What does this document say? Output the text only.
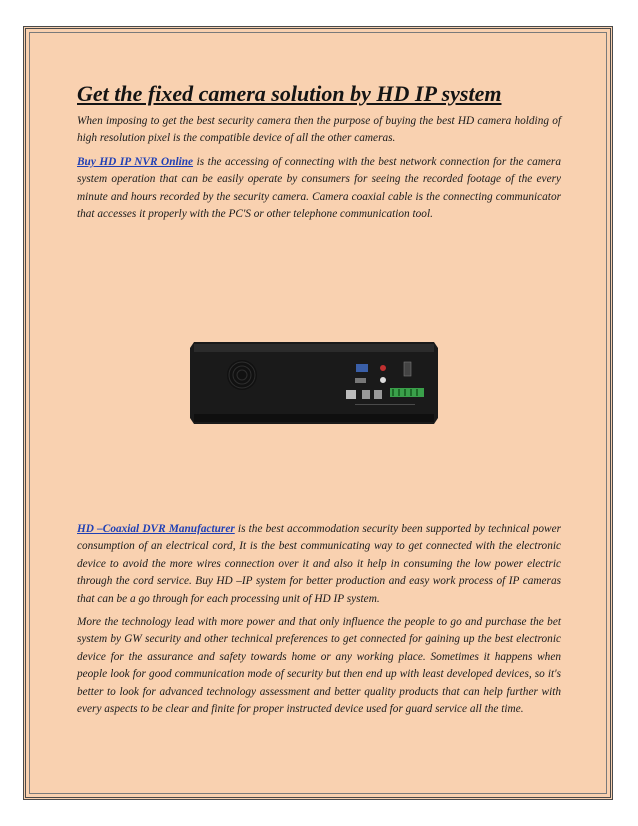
Get the fixed camera solution by HD IP system

When imposing to get the best security camera then the purpose of buying the best HD camera holding of high resolution pixel is the compatible device of all the other cameras.

Buy HD IP NVR Online is the accessing of connecting with the best network connection for the camera system operation that can be easily operate by consumers for seeing the recorded footage of the every minute and hours recorded by the security camera. Camera coaxial cable is the connecting communicator that accesses it properly with the PC'S or other telephone communication tool.

HD –Coaxial DVR Manufacturer is the best accommodation security been supported by technical power consumption of an electrical cord, It is the best communicating way to get connected with the electronic device to avoid the more wires connection over it and also it help in consuming the low power electric through the cord service. Buy HD –IP system for better production and easy work process of IP cameras that can be a go through for each processing unit of HD IP system.

More the technology lead with more power and that only influence the people to go and purchase the bet system by GW security and other technical preferences to get connected for gaining up the best electronic device for the assurance and safety towards home or any working place. Sometimes it happens when people look for good communication mode of security but then end up with least developed devices, so it's better to look for advanced technology assessment and better quality products that can help further with every aspects to be clear and finite for proper instructed device used for guard service all the time.
